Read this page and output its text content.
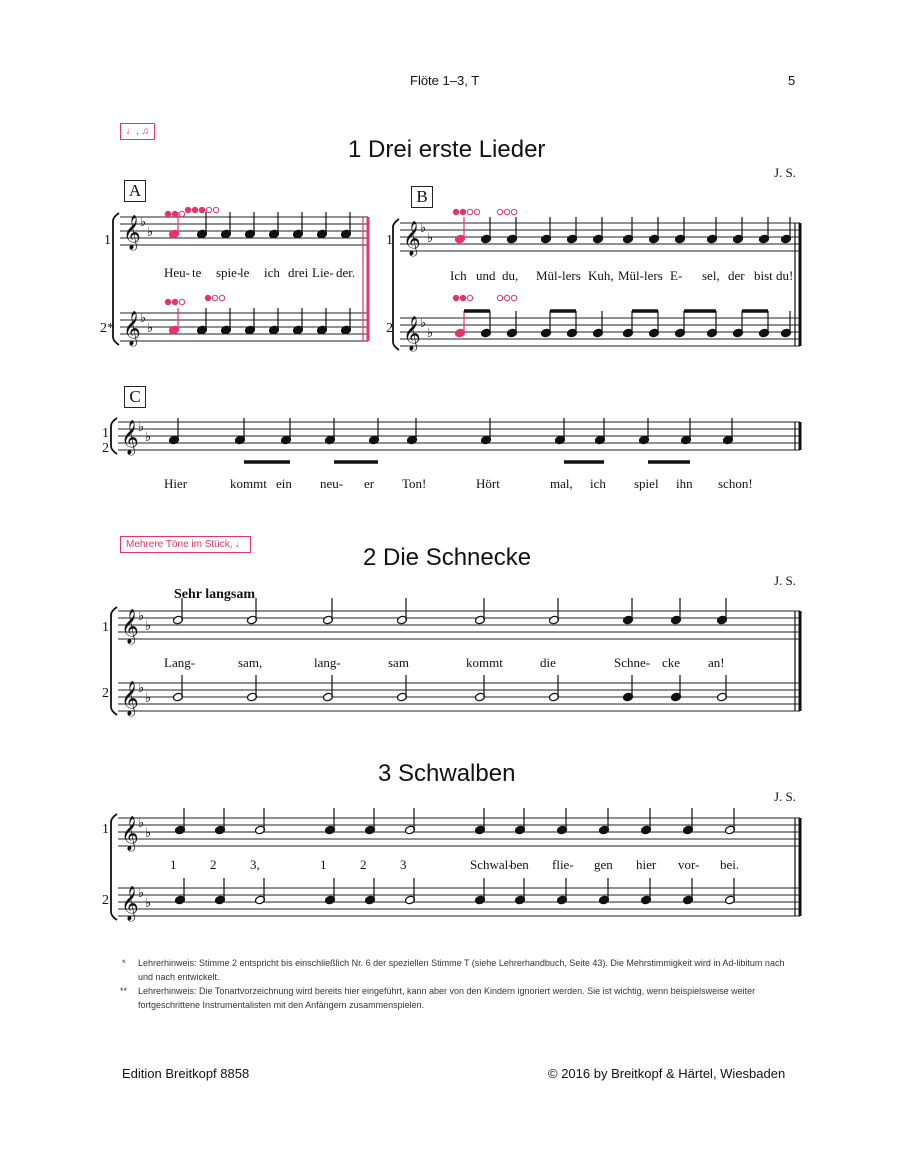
Flöte 1–3, T	5
♩, ♫
Mehrere Töne im Stück, ♩
1 Drei erste Lieder
J. S.
2 Die Schnecke
J. S.
Sehr langsam
3 Schwalben
J. S.
A	B
C
1
2*
1
2
1
2
1
2
1
2
𝄞 ♭
♭
𝄞 ♭
♭
𝄞 ♭
♭
𝄞 ♭
♭
𝄞 ♭
♭
𝄞 ♭
♭
𝄞 ♭
♭
𝄞 ♭
♭
𝄞 ♭
♭
Heu- te spie-
le ich drei Lie- der.	Ich und du, Mül- lers Kuh, Mül- lers E- sel, der bist du!
Hier	kommt ein neu- er Ton!	Hört	mal, ich spiel ihn schon!
Lang-	sam,	lang-	sam	kommt	die	Schne- cke an!
1	2	3,	1	2	3	Schwal-
ben flie- gen hier vor- bei.
* Lehrerhinweis: Stimme 2 entspricht bis einschließlich Nr. 6 der speziellen Stimme T (siehe Lehrerhandbuch, Seite 43). Die Mehrstimmigkeit wird in Ad-libitum nach und nach entwickelt.
** Lehrerhinweis: Die Tonartvorzeichnung wird bereits hier eingeführt, kann aber von den Kindern ignoriert werden. Sie ist wichtig, wenn beispielsweise weiter fortgeschrittene Instrumentalisten mit den Anfängern zusammenspielen.
Edition Breitkopf 8858	© 2016 by Breitkopf & Härtel, Wiesbaden
